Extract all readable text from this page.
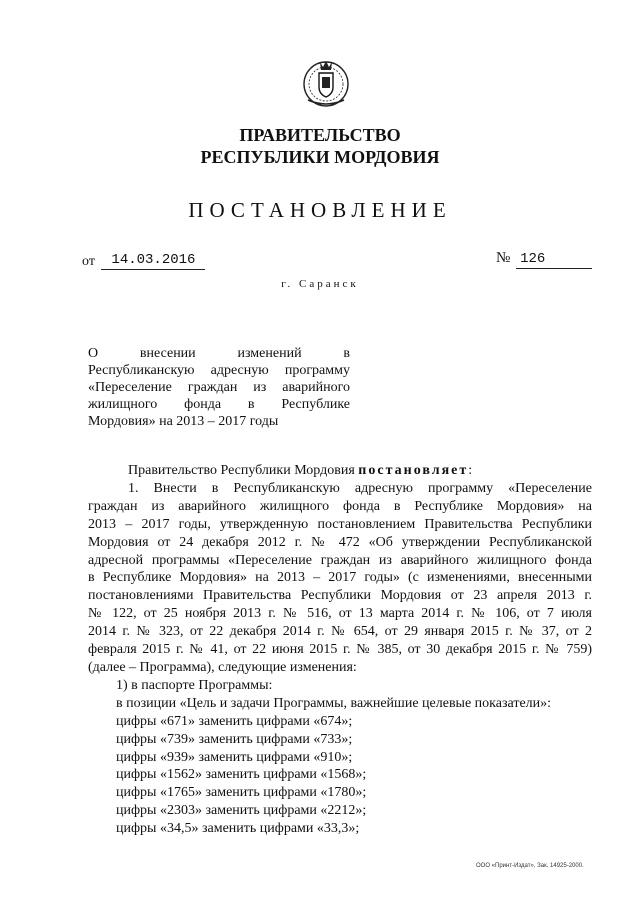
ПРАВИТЕЛЬСТВО
РЕСПУБЛИКИ МОРДОВИЯ
ПОСТАНОВЛЕНИЕ
от 14.03.2016	№ 126
г. Саранск
О внесении изменений в
Республиканскую адресную программу
«Переселение граждан из аварийного
жилищного фонда в Республике
Мордовия» на 2013 – 2017 годы
Правительство Республики Мордовия постановляет:
1. Внести в Республиканскую адресную программу «Переселение
граждан из аварийного жилищного фонда в Республике Мордовия» на
2013 – 2017 годы, утвержденную постановлением Правительства Республики
Мордовия от 24 декабря 2012 г. № 472 «Об утверждении Республиканской
адресной программы «Переселение граждан из аварийного жилищного фонда
в Республике Мордовия» на 2013 – 2017 годы» (с изменениями, внесенными
постановлениями Правительства Республики Мордовия от 23 апреля 2013 г.
№ 122, от 25 ноября 2013 г. № 516, от 13 марта 2014 г. № 106, от 7 июля
2014 г. № 323, от 22 декабря 2014 г. № 654, от 29 января 2015 г. № 37, от 2
февраля 2015 г. № 41, от 22 июня 2015 г. № 385, от 30 декабря 2015 г. № 759)
(далее – Программа), следующие изменения:
1) в паспорте Программы:
в позиции «Цель и задачи Программы, важнейшие целевые показатели»:
цифры «671» заменить цифрами «674»;
цифры «739» заменить цифрами «733»;
цифры «939» заменить цифрами «910»;
цифры «1562» заменить цифрами «1568»;
цифры «1765» заменить цифрами «1780»;
цифры «2303» заменить цифрами «2212»;
цифры «34,5» заменить цифрами «33,3»;
ООО «Принт-Издат», Зак. 14925-2000.
